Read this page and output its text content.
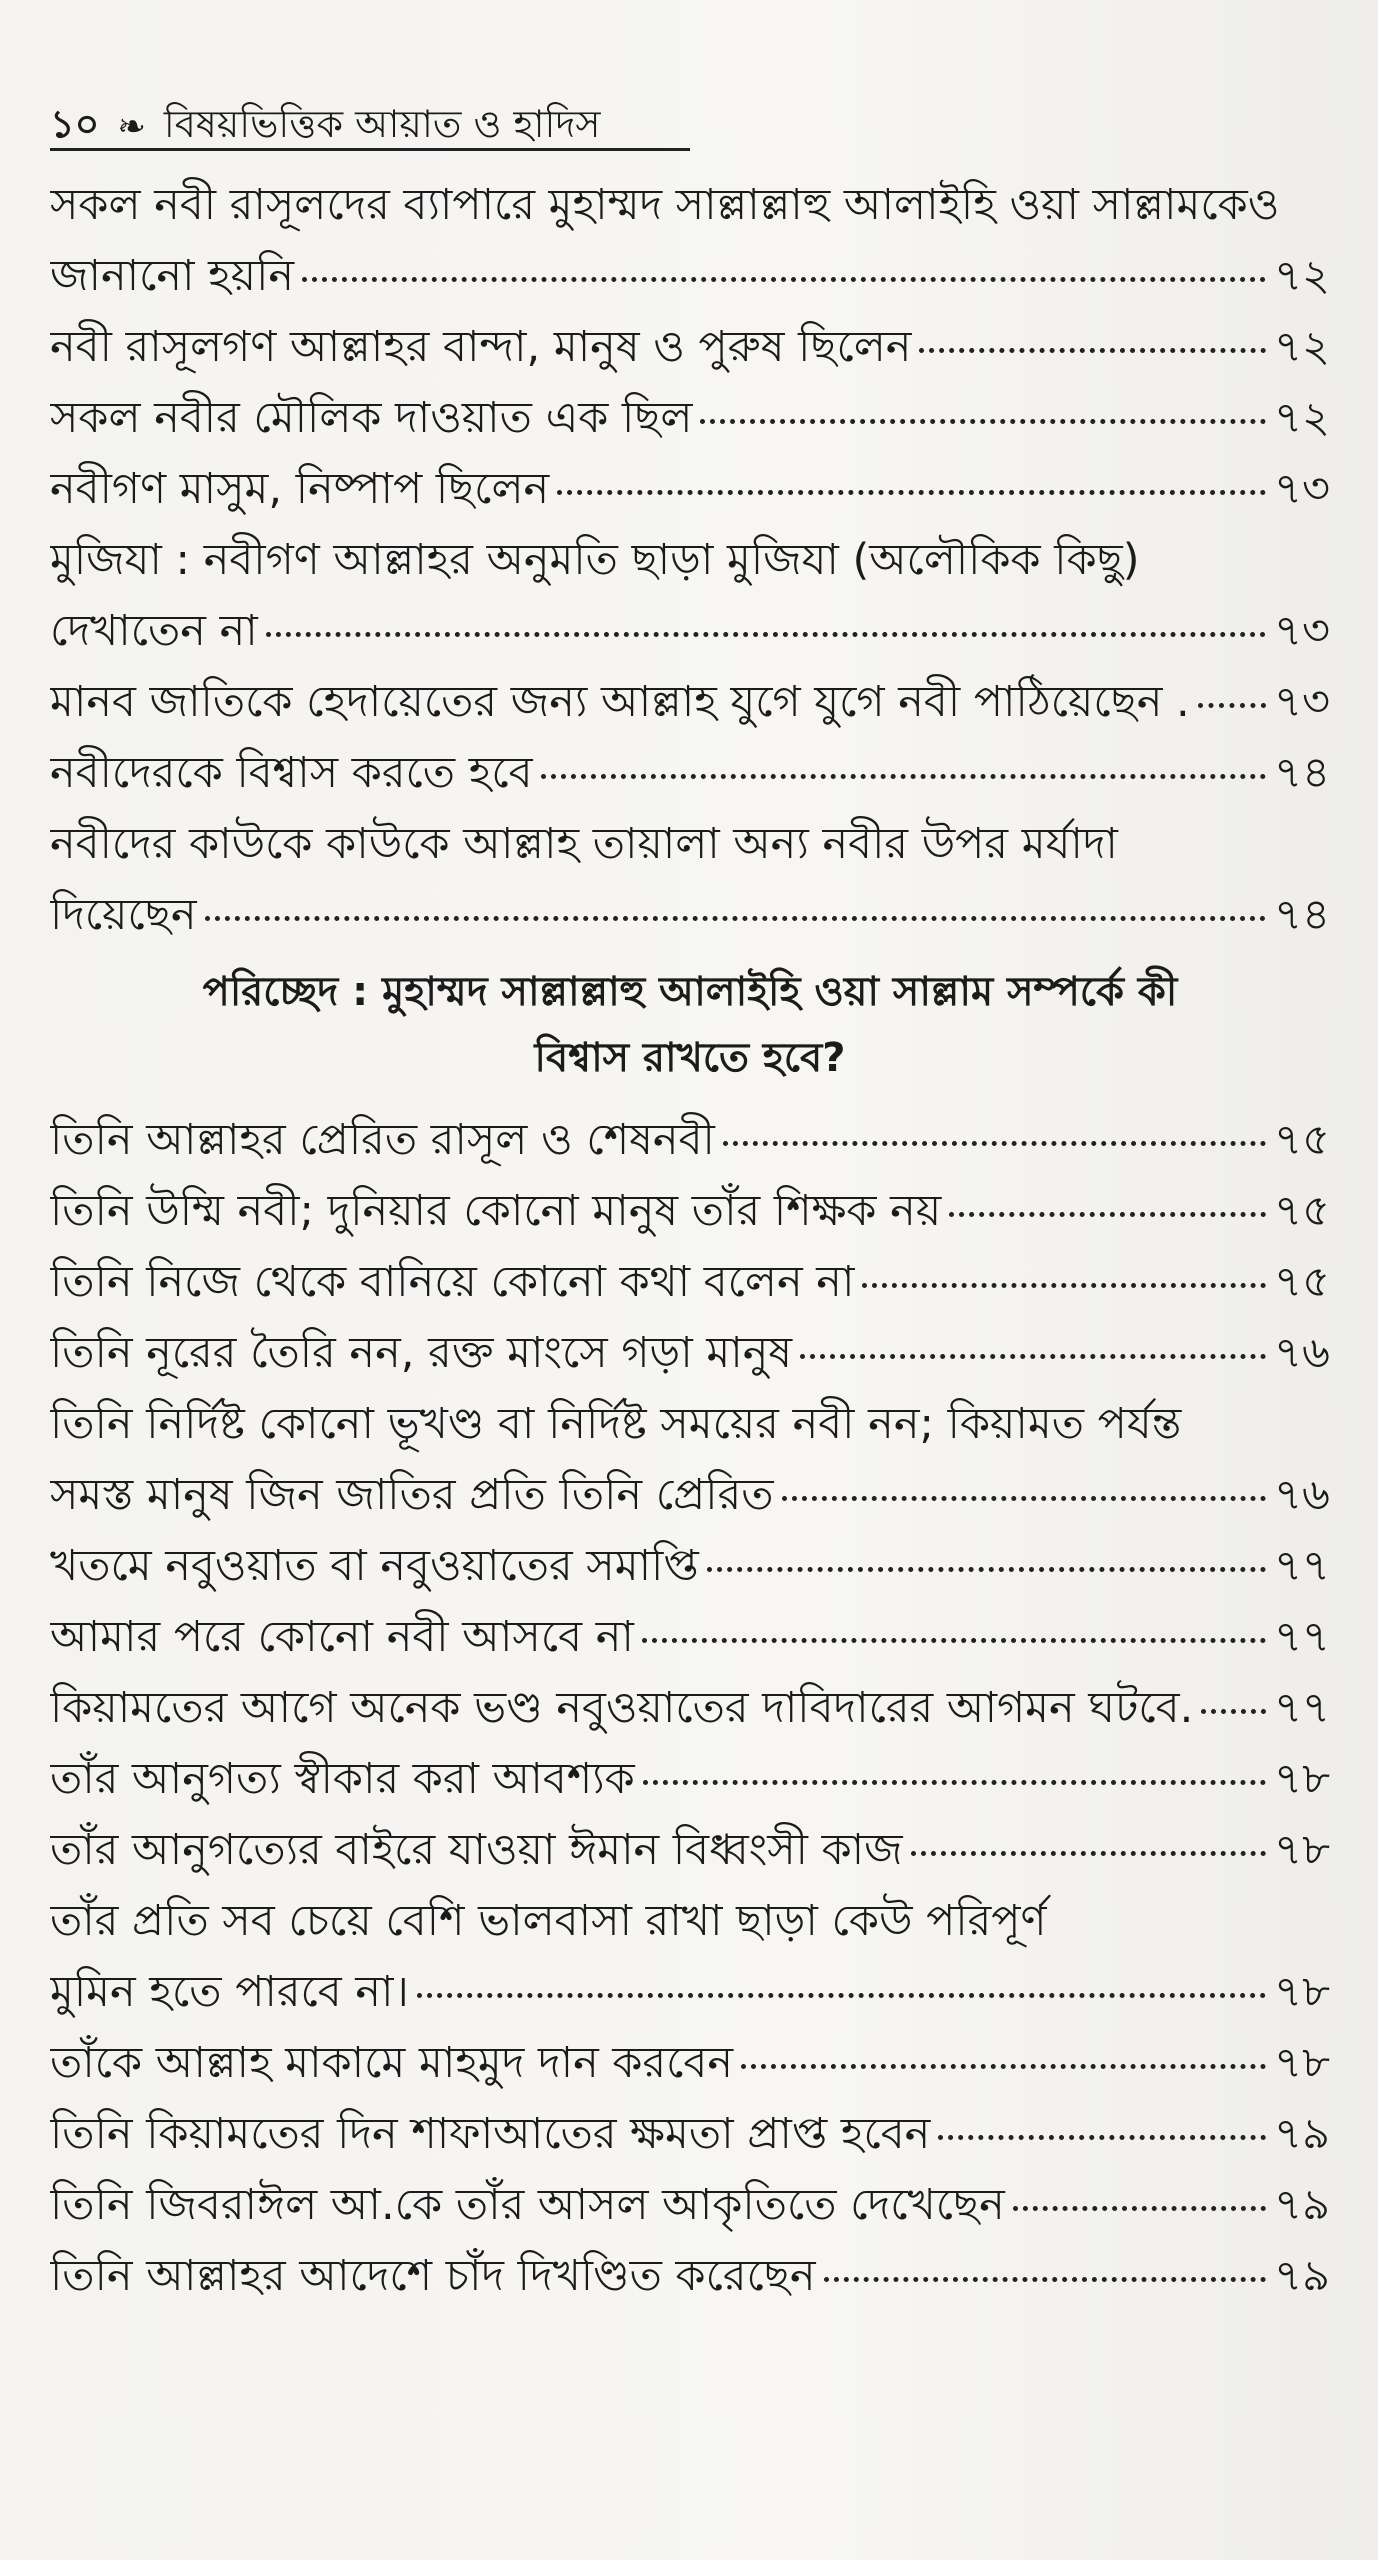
১০ ❧ বিষয়ভিত্তিক আয়াত ও হাদিস
সকল নবী রাসূলদের ব্যাপারে মুহাম্মদ সাল্লাল্লাহু আলাইহি ওয়া সাল্লামকেও
জানানো হয়নি	৭২
নবী রাসূলগণ আল্লাহর বান্দা, মানুষ ও পুরুষ ছিলেন	৭২
সকল নবীর মৌলিক দাওয়াত এক ছিল	৭২
নবীগণ মাসুম, নিষ্পাপ ছিলেন	৭৩
মুজিযা : নবীগণ আল্লাহর অনুমতি ছাড়া মুজিযা (অলৌকিক কিছু)
দেখাতেন না	৭৩
মানব জাতিকে হেদায়েতের জন্য আল্লাহ যুগে যুগে নবী পাঠিয়েছেন . ৭৩
নবীদেরকে বিশ্বাস করতে হবে	৭৪
নবীদের কাউকে কাউকে আল্লাহ তায়ালা অন্য নবীর উপর মর্যাদা
দিয়েছেন	৭৪
পরিচ্ছেদ : মুহাম্মদ সাল্লাল্লাহু আলাইহি ওয়া সাল্লাম সম্পর্কে কী
বিশ্বাস রাখতে হবে?
তিনি আল্লাহর প্রেরিত রাসূল ও শেষনবী	৭৫
তিনি উম্মি নবী; দুনিয়ার কোনো মানুষ তাঁর শিক্ষক নয়	৭৫
তিনি নিজে থেকে বানিয়ে কোনো কথা বলেন না	৭৫
তিনি নূরের তৈরি নন, রক্ত মাংসে গড়া মানুষ	৭৬
তিনি নির্দিষ্ট কোনো ভূখণ্ড বা নির্দিষ্ট সময়ের নবী নন; কিয়ামত পর্যন্ত
সমস্ত মানুষ জিন জাতির প্রতি তিনি প্রেরিত	৭৬
খতমে নবুওয়াত বা নবুওয়াতের সমাপ্তি	৭৭
আমার পরে কোনো নবী আসবে না	৭৭
কিয়ামতের আগে অনেক ভণ্ড নবুওয়াতের দাবিদারের আগমন ঘটবে. ৭৭
তাঁর আনুগত্য স্বীকার করা আবশ্যক	৭৮
তাঁর আনুগত্যের বাইরে যাওয়া ঈমান বিধ্বংসী কাজ	৭৮
তাঁর প্রতি সব চেয়ে বেশি ভালবাসা রাখা ছাড়া কেউ পরিপূর্ণ
মুমিন হতে পারবে না।	৭৮
তাঁকে আল্লাহ মাকামে মাহমুদ দান করবেন	৭৮
তিনি কিয়ামতের দিন শাফাআতের ক্ষমতা প্রাপ্ত হবেন	৭৯
তিনি জিবরাঈল আ.কে তাঁর আসল আকৃতিতে দেখেছেন	৭৯
তিনি আল্লাহর আদেশে চাঁদ দিখণ্ডিত করেছেন	৭৯
